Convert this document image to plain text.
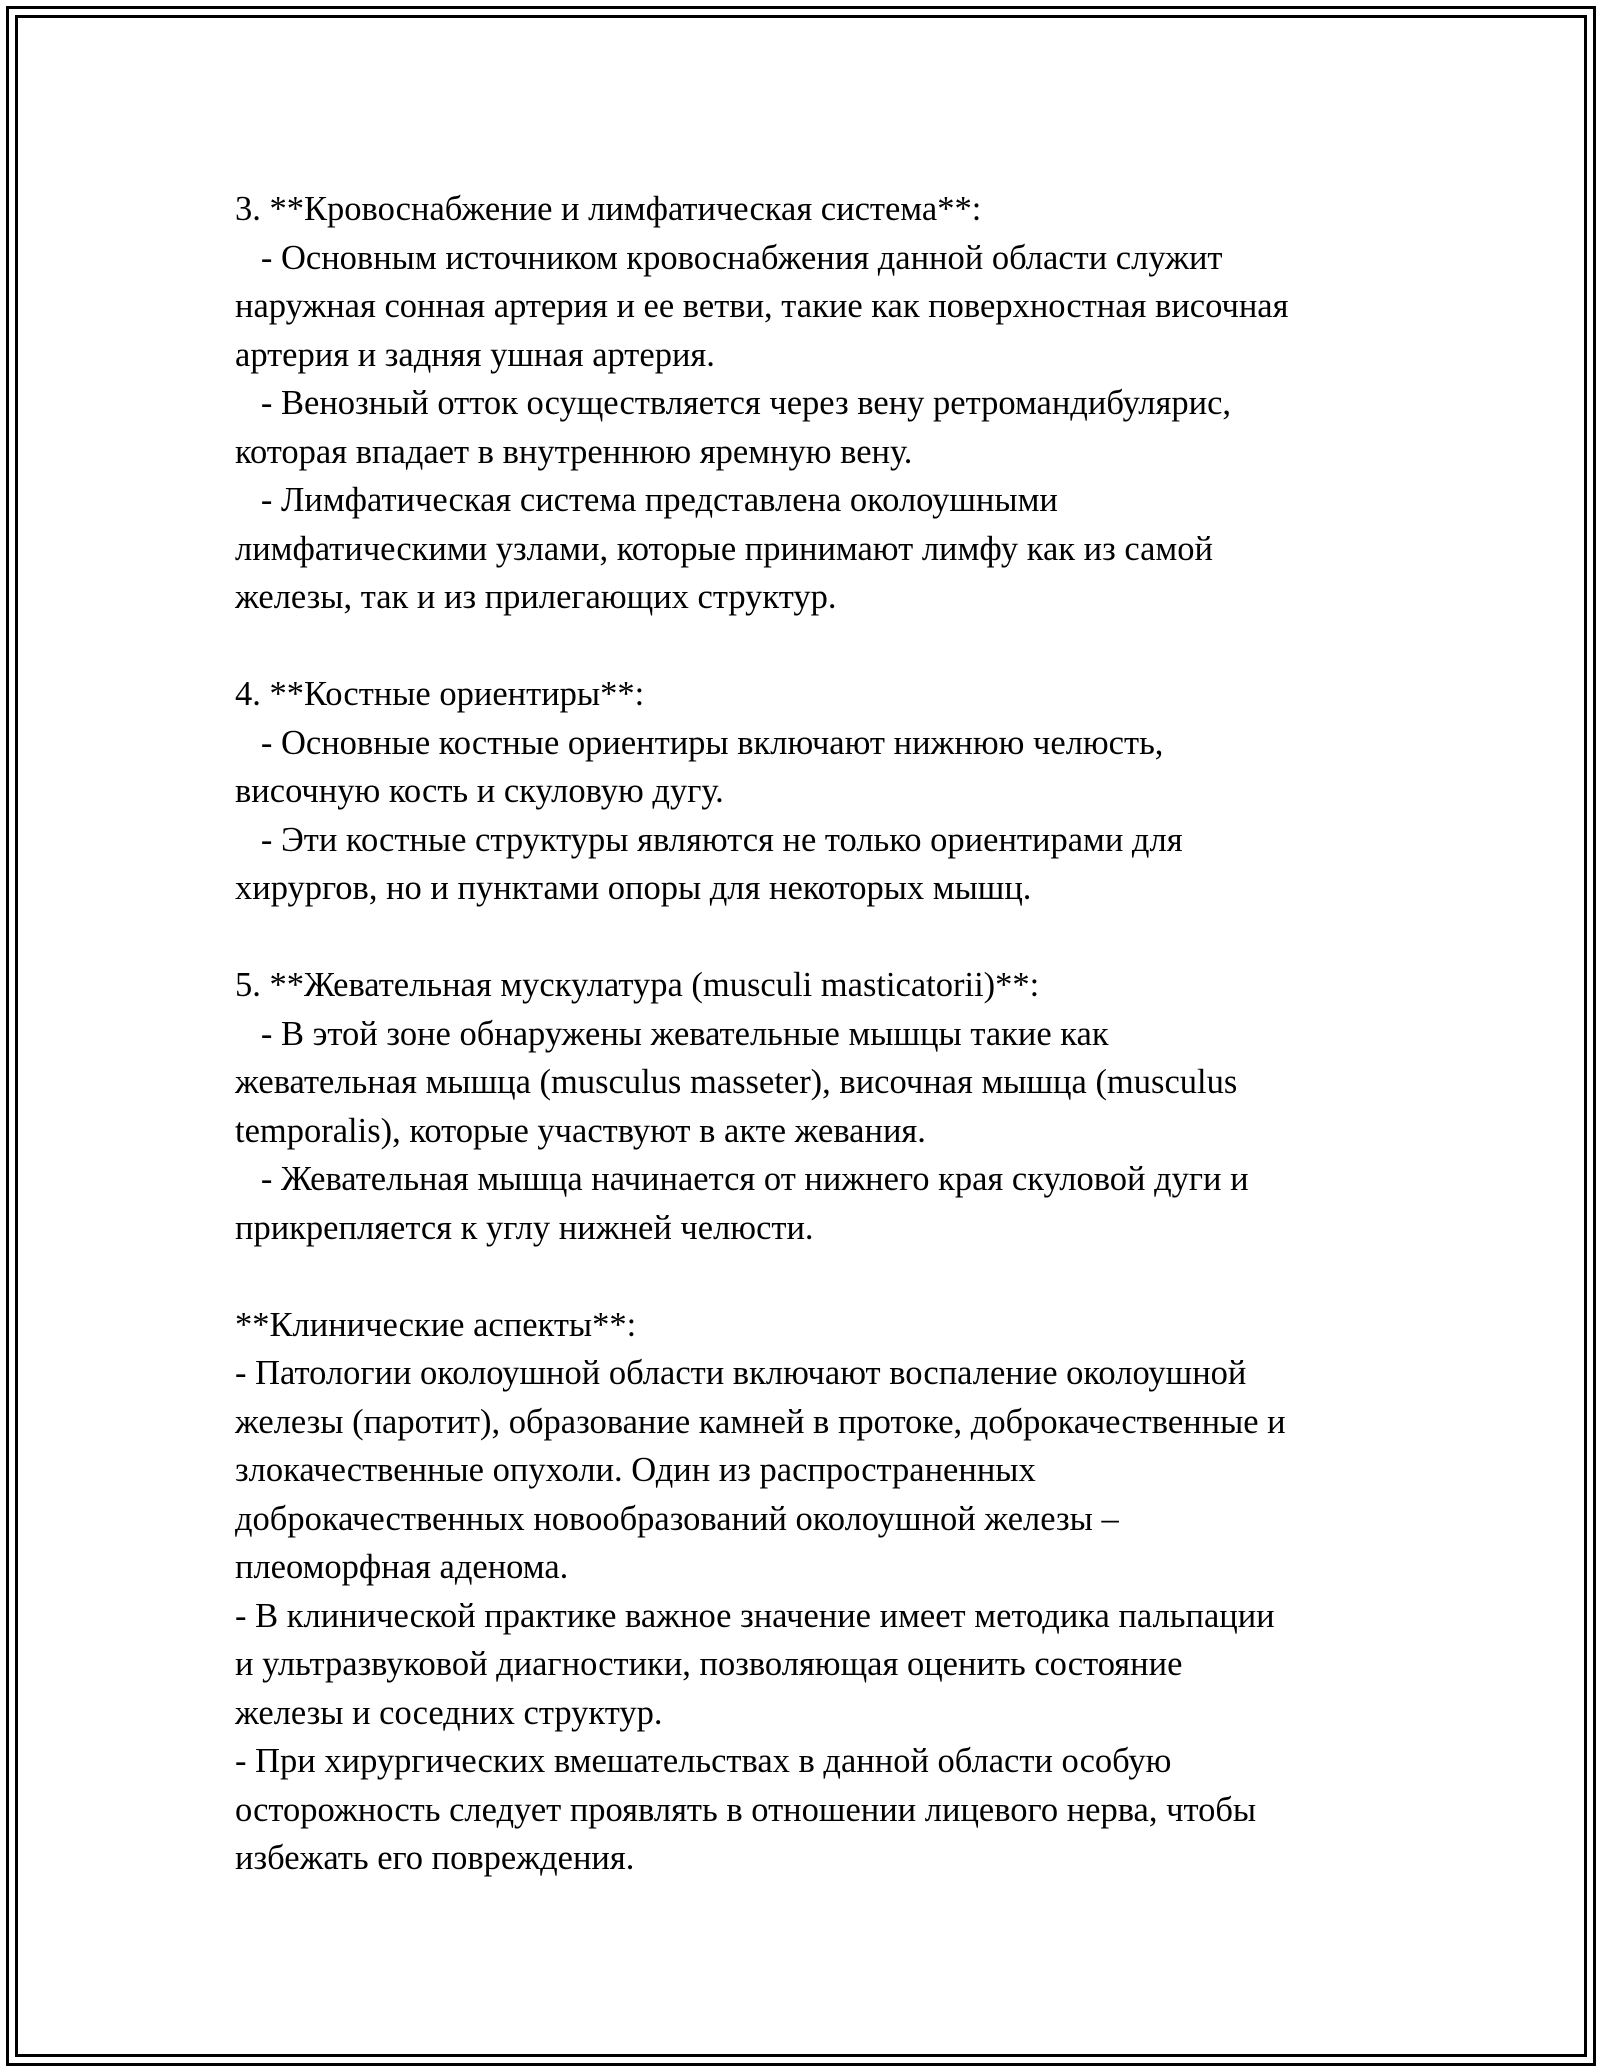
3. **Кровоснабжение и лимфатическая система**:
- Основным источником кровоснабжения данной области служит
наружная сонная артерия и ее ветви, такие как поверхностная височная
артерия и задняя ушная артерия.
- Венозный отток осуществляется через вену ретромандибулярис,
которая впадает в внутреннюю яремную вену.
- Лимфатическая система представлена околоушными
лимфатическими узлами, которые принимают лимфу как из самой
железы, так и из прилегающих структур.
4. **Костные ориентиры**:
- Основные костные ориентиры включают нижнюю челюсть,
височную кость и скуловую дугу.
- Эти костные структуры являются не только ориентирами для
хирургов, но и пунктами опоры для некоторых мышц.
5. **Жевательная мускулатура (musculi masticatorii)**:
- В этой зоне обнаружены жевательные мышцы такие как
жевательная мышца (musculus masseter), височная мышца (musculus
temporalis), которые участвуют в акте жевания.
- Жевательная мышца начинается от нижнего края скуловой дуги и
прикрепляется к углу нижней челюсти.
**Клинические аспекты**:
- Патологии околоушной области включают воспаление околоушной
железы (паротит), образование камней в протоке, доброкачественные и
злокачественные опухоли. Один из распространенных
доброкачественных новообразований околоушной железы –
плеоморфная аденома.
- В клинической практике важное значение имеет методика пальпации
и ультразвуковой диагностики, позволяющая оценить состояние
железы и соседних структур.
- При хирургических вмешательствах в данной области особую
осторожность следует проявлять в отношении лицевого нерва, чтобы
избежать его повреждения.
